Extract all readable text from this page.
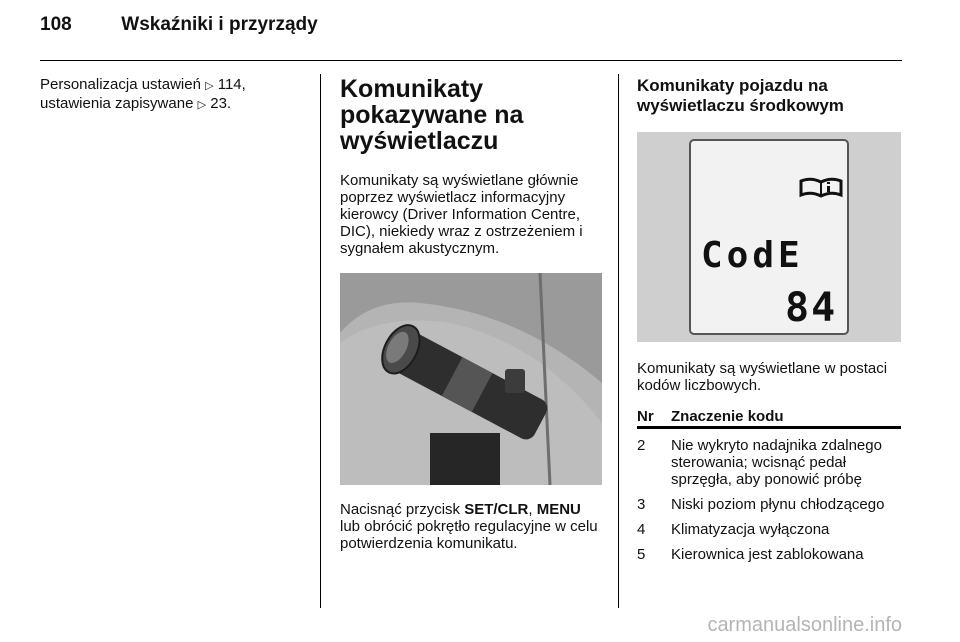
108	Wskaźniki i przyrządy

Personalizacja ustawień ▷ 114,
ustawienia zapisywane ▷ 23.

Komunikaty pokazywane na wyświetlaczu

Komunikaty są wyświetlane głównie poprzez wyświetlacz informacyjny kierowcy (Driver Information Centre, DIC), niekiedy wraz z ostrzeżeniem i sygnałem akustycznym.

Nacisnąć przycisk SET/CLR, MENU lub obrócić pokrętło regulacyjne w celu potwierdzenia komunikatu.

Komunikaty pojazdu na wyświetlaczu środkowym
CodE
84

Komunikaty są wyświetlane w postaci kodów liczbowych.

Nr	Znaczenie kodu
2	Nie wykryto nadajnika zdalnego sterowania; wcisnąć pedał sprzęgła, aby ponowić próbę
3	Niski poziom płynu chłodzącego
4	Klimatyzacja wyłączona
5	Kierownica jest zablokowana
carmanualsonline.info
